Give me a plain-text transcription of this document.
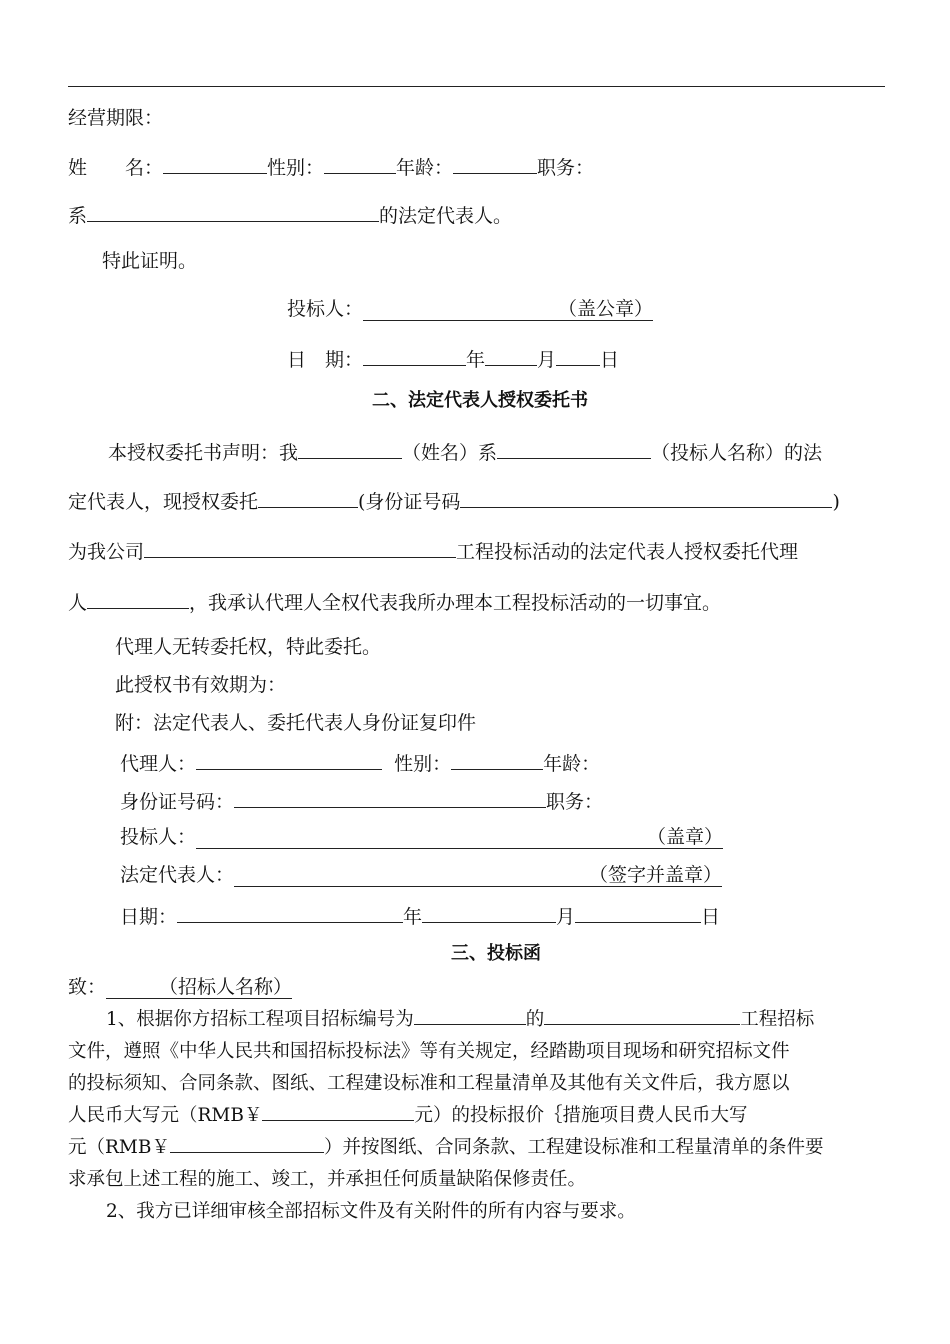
经营期限：
姓　　名：	性别：	年龄：	职务：
系	的法定代表人。
特此证明。
投标人：	（盖公章）
日　期：	年	月 日
二、法定代表人授权委托书
本授权委托书声明：我	（姓名）系	（投标人名称）的法
定代表人，现授权委托	(身份证号码	)
为我公司	工程投标活动的法定代表人授权委托代理
人	，我承认代理人全权代表我所办理本工程投标活动的一切事宜。
代理人无转委托权，特此委托。
此授权书有效期为：
附：法定代表人、委托代表人身份证复印件
代理人：	性别：	年龄：
身份证号码：	职务：
投标人：	（盖章）
法定代表人：	（签字并盖章）
日期：	年	月	日
三、投标函
致：	（招标人名称）
1、根据你方招标工程项目招标编号为	的	工程招标
文件，遵照《中华人民共和国招标投标法》等有关规定，经踏勘项目现场和研究招标文件
的投标须知、合同条款、图纸、工程建设标准和工程量清单及其他有关文件后，我方愿以
人民币大写元（RMB￥	元）的投标报价｛措施项目费人民币大写
元（RMB￥	）并按图纸、合同条款、工程建设标准和工程量清单的条件要
求承包上述工程的施工、竣工，并承担任何质量缺陷保修责任。
2、我方已详细审核全部招标文件及有关附件的所有内容与要求。
